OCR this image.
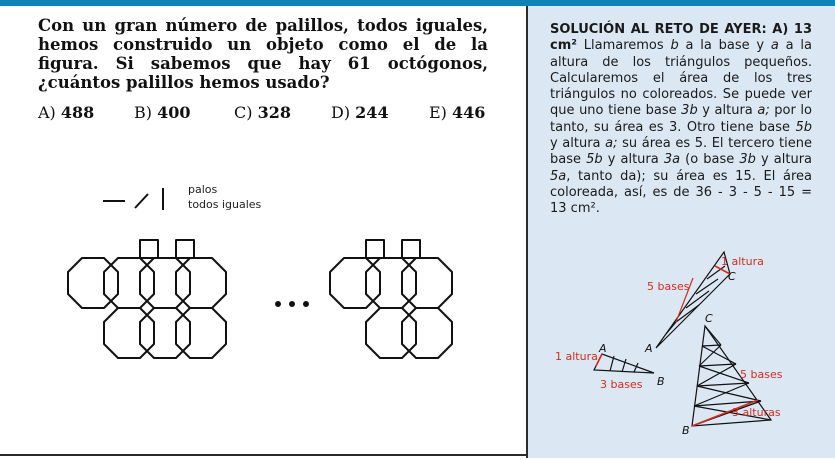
Con un gran número de palillos, todos iguales, hemos construido un objeto como el de la figura. Si sabemos que hay 61 octógonos, ¿cuántos palillos hemos usado?
A) 488 B) 400	C) 328	D) 244	E) 446
palos
todos iguales
SOLUCIÓN AL RETO DE AYER: A) 13 cm² Llamaremos b a la base y a a la altura de los triángulos pequeños. Calcularemos el área de los tres triángulos no coloreados. Se puede ver que uno tiene base 3b y altura a; por lo tanto, su área es 3. Otro tiene base 5b y altura a; su área es 5. El tercero tiene base 5b y altura 3a (o base 3b y altura 5a, tanto da); su área es 15. El área coloreada, así, es de 36 - 3 - 5 - 15 = 13 cm².
1 altura
5 bases
C
A
1 altura
A
B
3 bases
C
B
5 bases
3 alturas
